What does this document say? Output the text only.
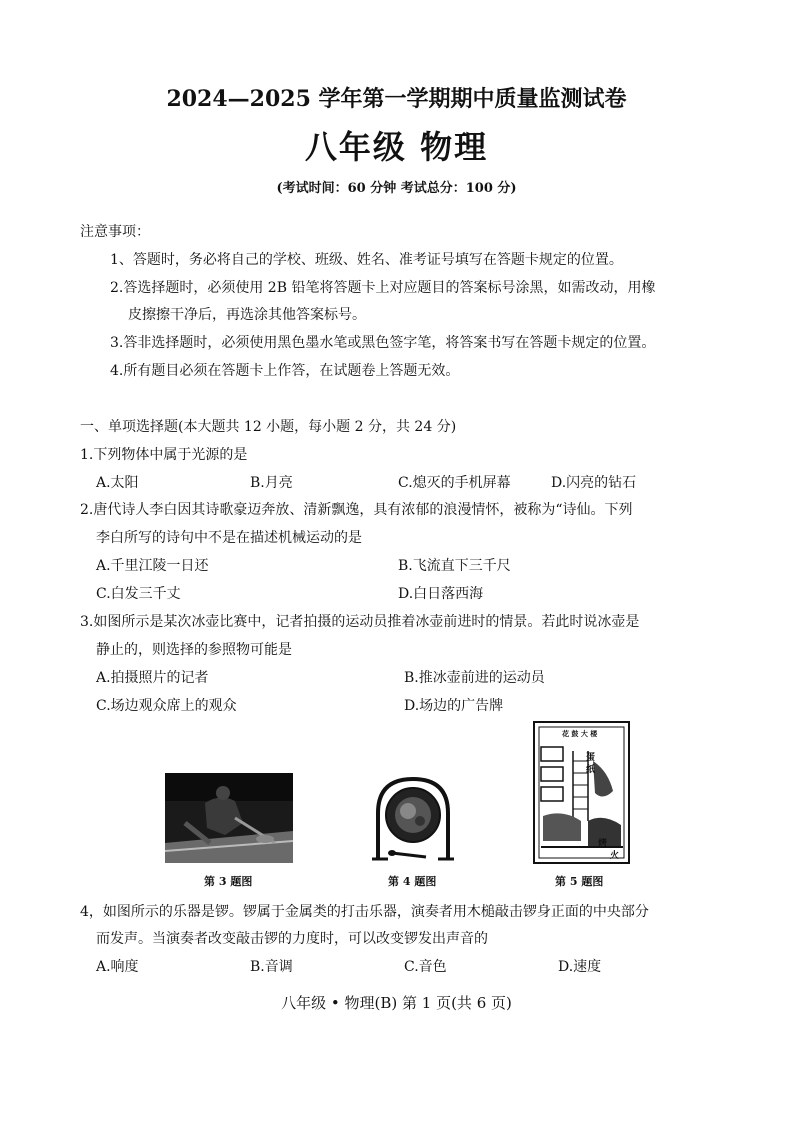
2024—2025 学年第一学期期中质量监测试卷
八年级 物理
(考试时间：60 分钟 考试总分：100 分)
注意事项：
1、答题时，务必将自己的学校、班级、姓名、准考证号填写在答题卡规定的位置。
2.答选择题时，必须使用 2B 铅笔将答题卡上对应题目的答案标号涂黑，如需改动，用橡
皮擦擦干净后，再选涂其他答案标号。
3.答非选择题时，必须使用黑色墨水笔或黑色签字笔，将答案书写在答题卡规定的位置。
4.所有题目必须在答题卡上作答，在试题卷上答题无效。
一、单项选择题(本大题共 12 小题，每小题 2 分，共 24 分)
1.下列物体中属于光源的是
A.太阳	B.月亮	C.熄灭的手机屏幕	D.闪亮的钻石
2.唐代诗人李白因其诗歌豪迈奔放、清新飘逸，具有浓郁的浪漫情怀，被称为“诗仙。下列
李白所写的诗句中不是在描述机械运动的是
A.千里江陵一日还	B.飞流直下三千尺
C.白发三千丈	D.白日落西海
3.如图所示是某次冰壶比赛中，记者拍摄的运动员推着冰壶前进时的情景。若此时说冰壶是
静止的，则选择的参照物可能是
A.拍摄照片的记者	B.推冰壶前进的运动员
C.场边观众席上的观众	D.场边的广告牌
第 3 题图	第 4 题图
花 鼓 大 楼
蛋
纸
烤
火
第 5 题图
4，如图所示的乐器是锣。锣属于金属类的打击乐器，演奏者用木槌敲击锣身正面的中央部分
而发声。当演奏者改变敲击锣的力度时，可以改变锣发出声音的
A.响度	B.音调	C.音色	D.速度
八年级 • 物理(B) 第 1 页(共 6 页)
